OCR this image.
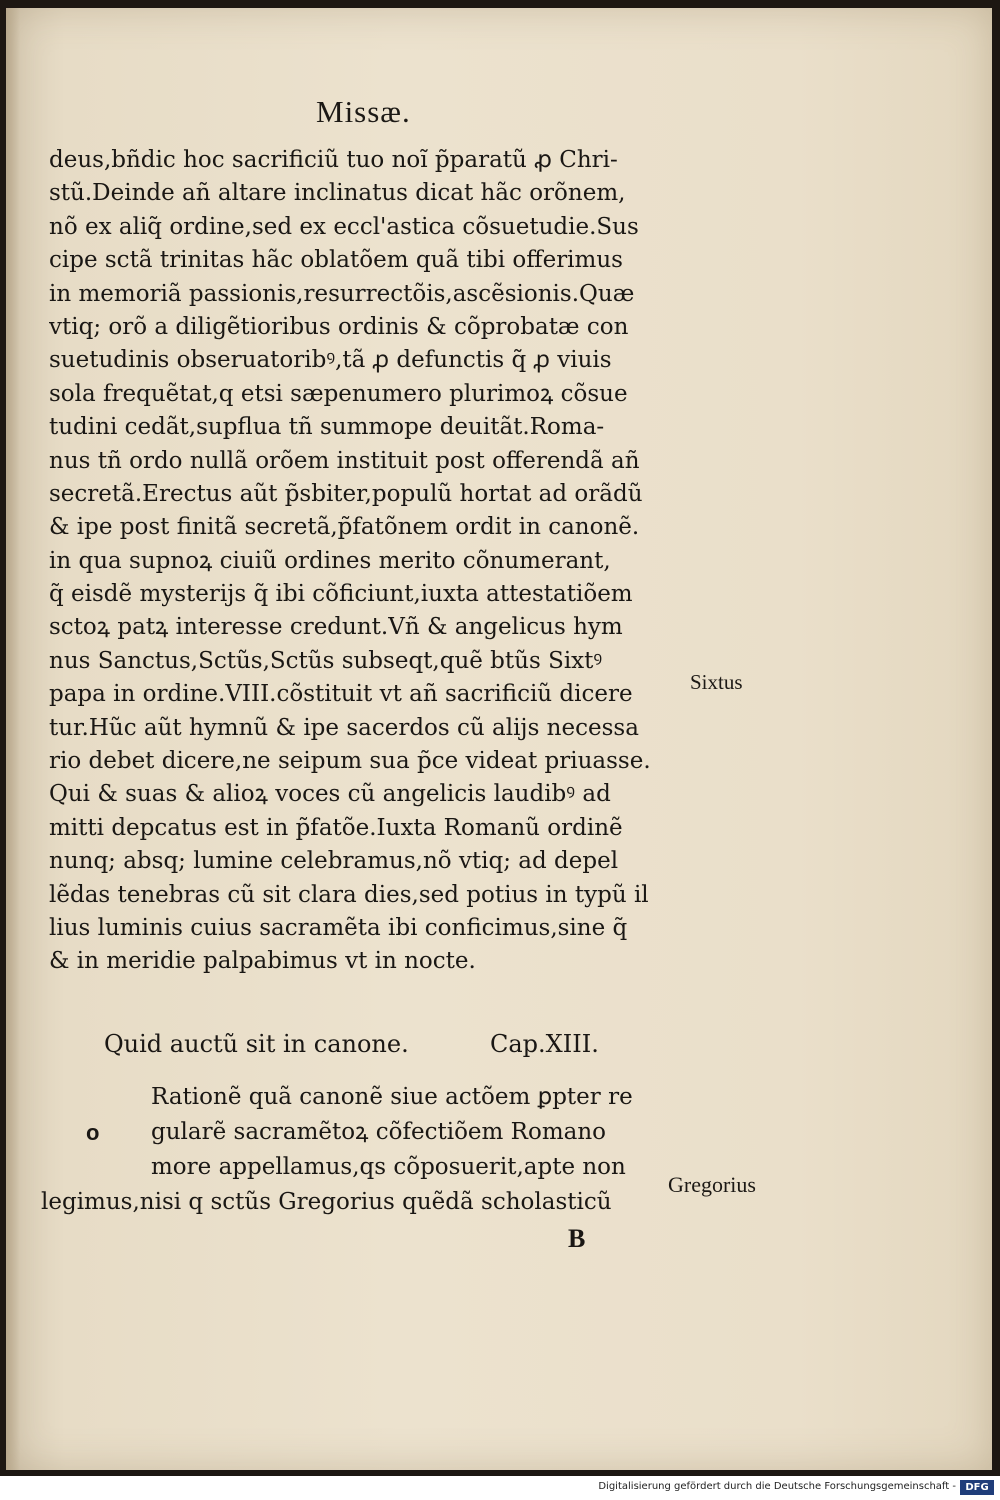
Missæ.
deus,bñdic hoc sacrificiũ tuo noĩ p̃paratũ ꝓ Chri-
stũ.Deinde añ altare inclinatus dicat hãc orõnem,
nõ ex aliq̃ ordine,sed ex eccl'astica cõsuetudie.Sus
cipe sctã trinitas hãc oblatõem quã tibi offerimus
in memoriã passionis,resurrectõis,ascẽsionis.Quæ
vtiq; orõ a diligẽtioribus ordinis & cõprobatæ con
suetudinis obseruatoribꝰ,tã ꝓ defunctis q̃ ꝓ viuis
sola frequẽtat,q etsi sæpenumero plurimoꝝ cõsue
tudini cedãt,supflua tñ summope deuitãt.Roma-
nus tñ ordo nullã orõem instituit post offerendã añ
secretã.Erectus aũt p̃sbiter,populũ hortat ad orãdũ
& ipe post finitã secretã,p̃fatõnem ordit in canonẽ.
in qua supnoꝝ ciuiũ ordines merito cõnumerant,
q̃ eisdẽ mysterijs q̃ ibi cõficiunt,iuxta attestatiõem
sctoꝝ patꝝ interesse credunt.Vñ & angelicus hym
nus Sanctus,Sctũs,Sctũs subseqt,quẽ btũs Sixtꝰ
papa in ordine.VIII.cõstituit vt añ sacrificiũ dicere
tur.Hũc aũt hymnũ & ipe sacerdos cũ alijs necessa
rio debet dicere,ne seipum sua p̃ce videat priuasse.
Qui & suas & alioꝝ voces cũ angelicis laudibꝰ ad
mitti depcatus est in p̃fatõe.Iuxta Romanũ ordinẽ
nunq; absq; lumine celebramus,nõ vtiq; ad depel
lẽdas tenebras cũ sit clara dies,sed potius in typũ il
lius luminis cuius sacramẽta ibi conficimus,sine q̃
& in meridie palpabimus vt in nocte.
Sixtus
Quid auctũ sit in canone.	Cap.XIII.
o
Rationẽ quã canonẽ siue actõem ꝑpter re
gularẽ sacramẽtoꝝ cõfectiõem Romano
more appellamus,qs cõposuerit,apte non
legimus,nisi q sctũs Gregorius quẽdã scholasticũ
Gregorius
B
Digitalisierung gefördert durch die Deutsche Forschungsgemeinschaft - DFG
